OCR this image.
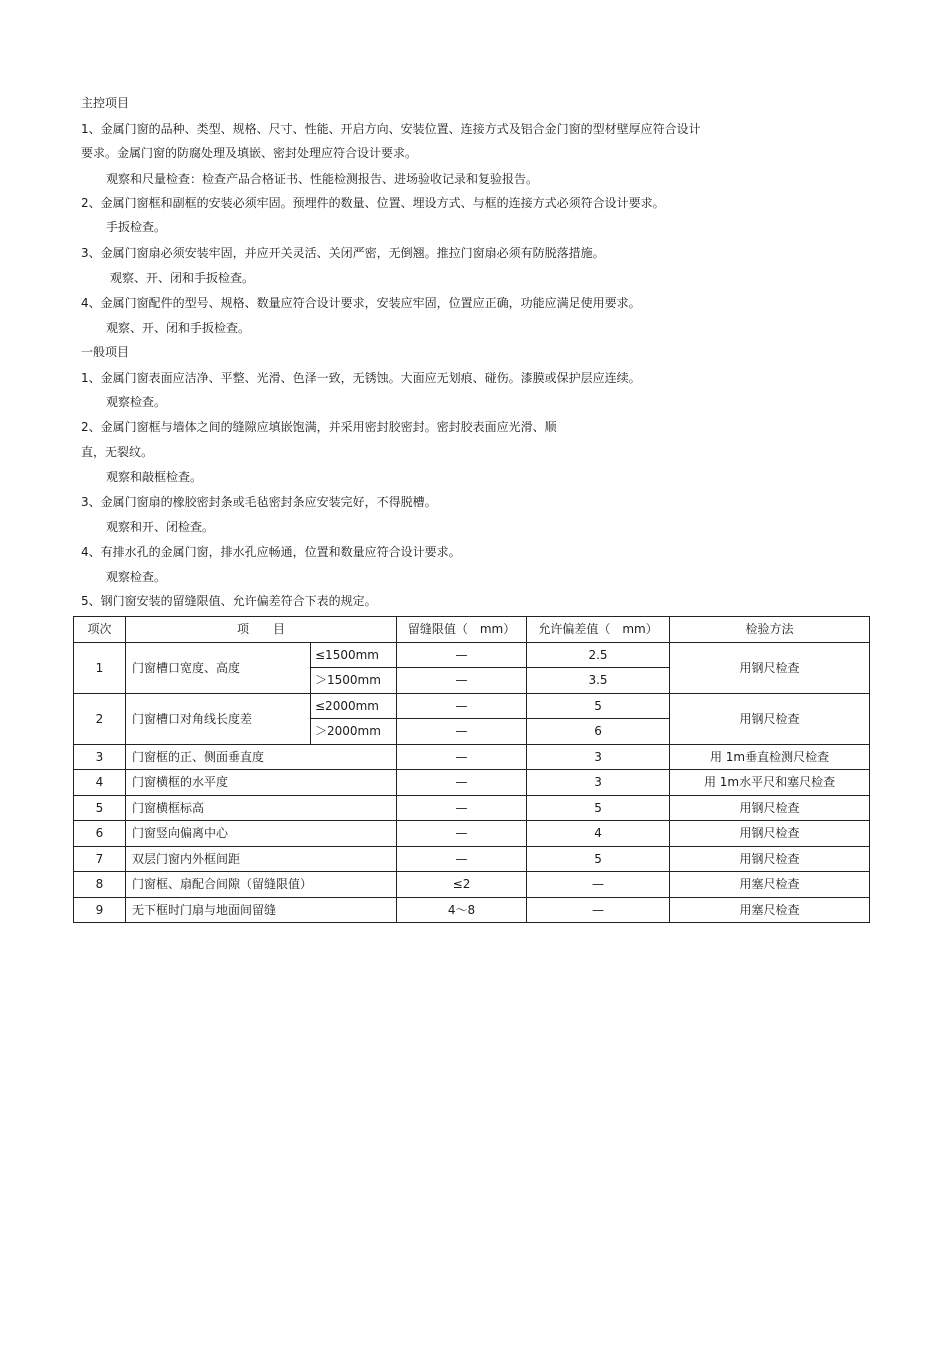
主控项目
1、金属门窗的品种、类型、规格、尺寸、性能、开启方向、安装位置、连接方式及铝合金门窗的型材壁厚应符合设计
要求。金属门窗的防腐处理及填嵌、密封处理应符合设计要求。
观察和尺量检查：检查产品合格证书、性能检测报告、进场验收记录和复验报告。
2、金属门窗框和副框的安装必须牢固。预埋件的数量、位置、埋设方式、与框的连接方式必须符合设计要求。
手扳检查。
3、金属门窗扇必须安装牢固，并应开关灵活、关闭严密，无倒翘。推拉门窗扇必须有防脱落措施。
观察、开、闭和手扳检查。
4、金属门窗配件的型号、规格、数量应符合设计要求，安装应牢固，位置应正确，功能应满足使用要求。
观察、开、闭和手扳检查。
一般项目
1、金属门窗表面应洁净、平整、光滑、色泽一致，无锈蚀。大面应无划痕、碰伤。漆膜或保护层应连续。
观察检查。
2、金属门窗框与墙体之间的缝隙应填嵌饱满，并采用密封胶密封。密封胶表面应光滑、顺
直，无裂纹。
观察和敲框检查。
3、金属门窗扇的橡胶密封条或毛毡密封条应安装完好，不得脱槽。
观察和开、闭检查。
4、有排水孔的金属门窗，排水孔应畅通，位置和数量应符合设计要求。
观察检查。
5、钢门窗安装的留缝限值、允许偏差符合下表的规定。
项次	项　　目		留缝限值（　mm）	允许偏差值（　mm）	检验方法
1	门窗槽口宽度、高度	≤1500mm	—	2.5	用钢尺检查
		＞1500mm	—	3.5	
2	门窗槽口对角线长度差	≤2000mm	—	5	用钢尺检查
		＞2000mm	—	6	
3	门窗框的正、侧面垂直度		—	3	用 1m垂直检测尺检查
4	门窗横框的水平度		—	3	用 1m水平尺和塞尺检查
5	门窗横框标高		—	5	用钢尺检查
6	门窗竖向偏离中心		—	4	用钢尺检查
7	双层门窗内外框间距		—	5	用钢尺检查
8	门窗框、扇配合间隙（留缝限值）		≤2	—	用塞尺检查
9	无下框时门扇与地面间留缝		4～8	—	用塞尺检查
